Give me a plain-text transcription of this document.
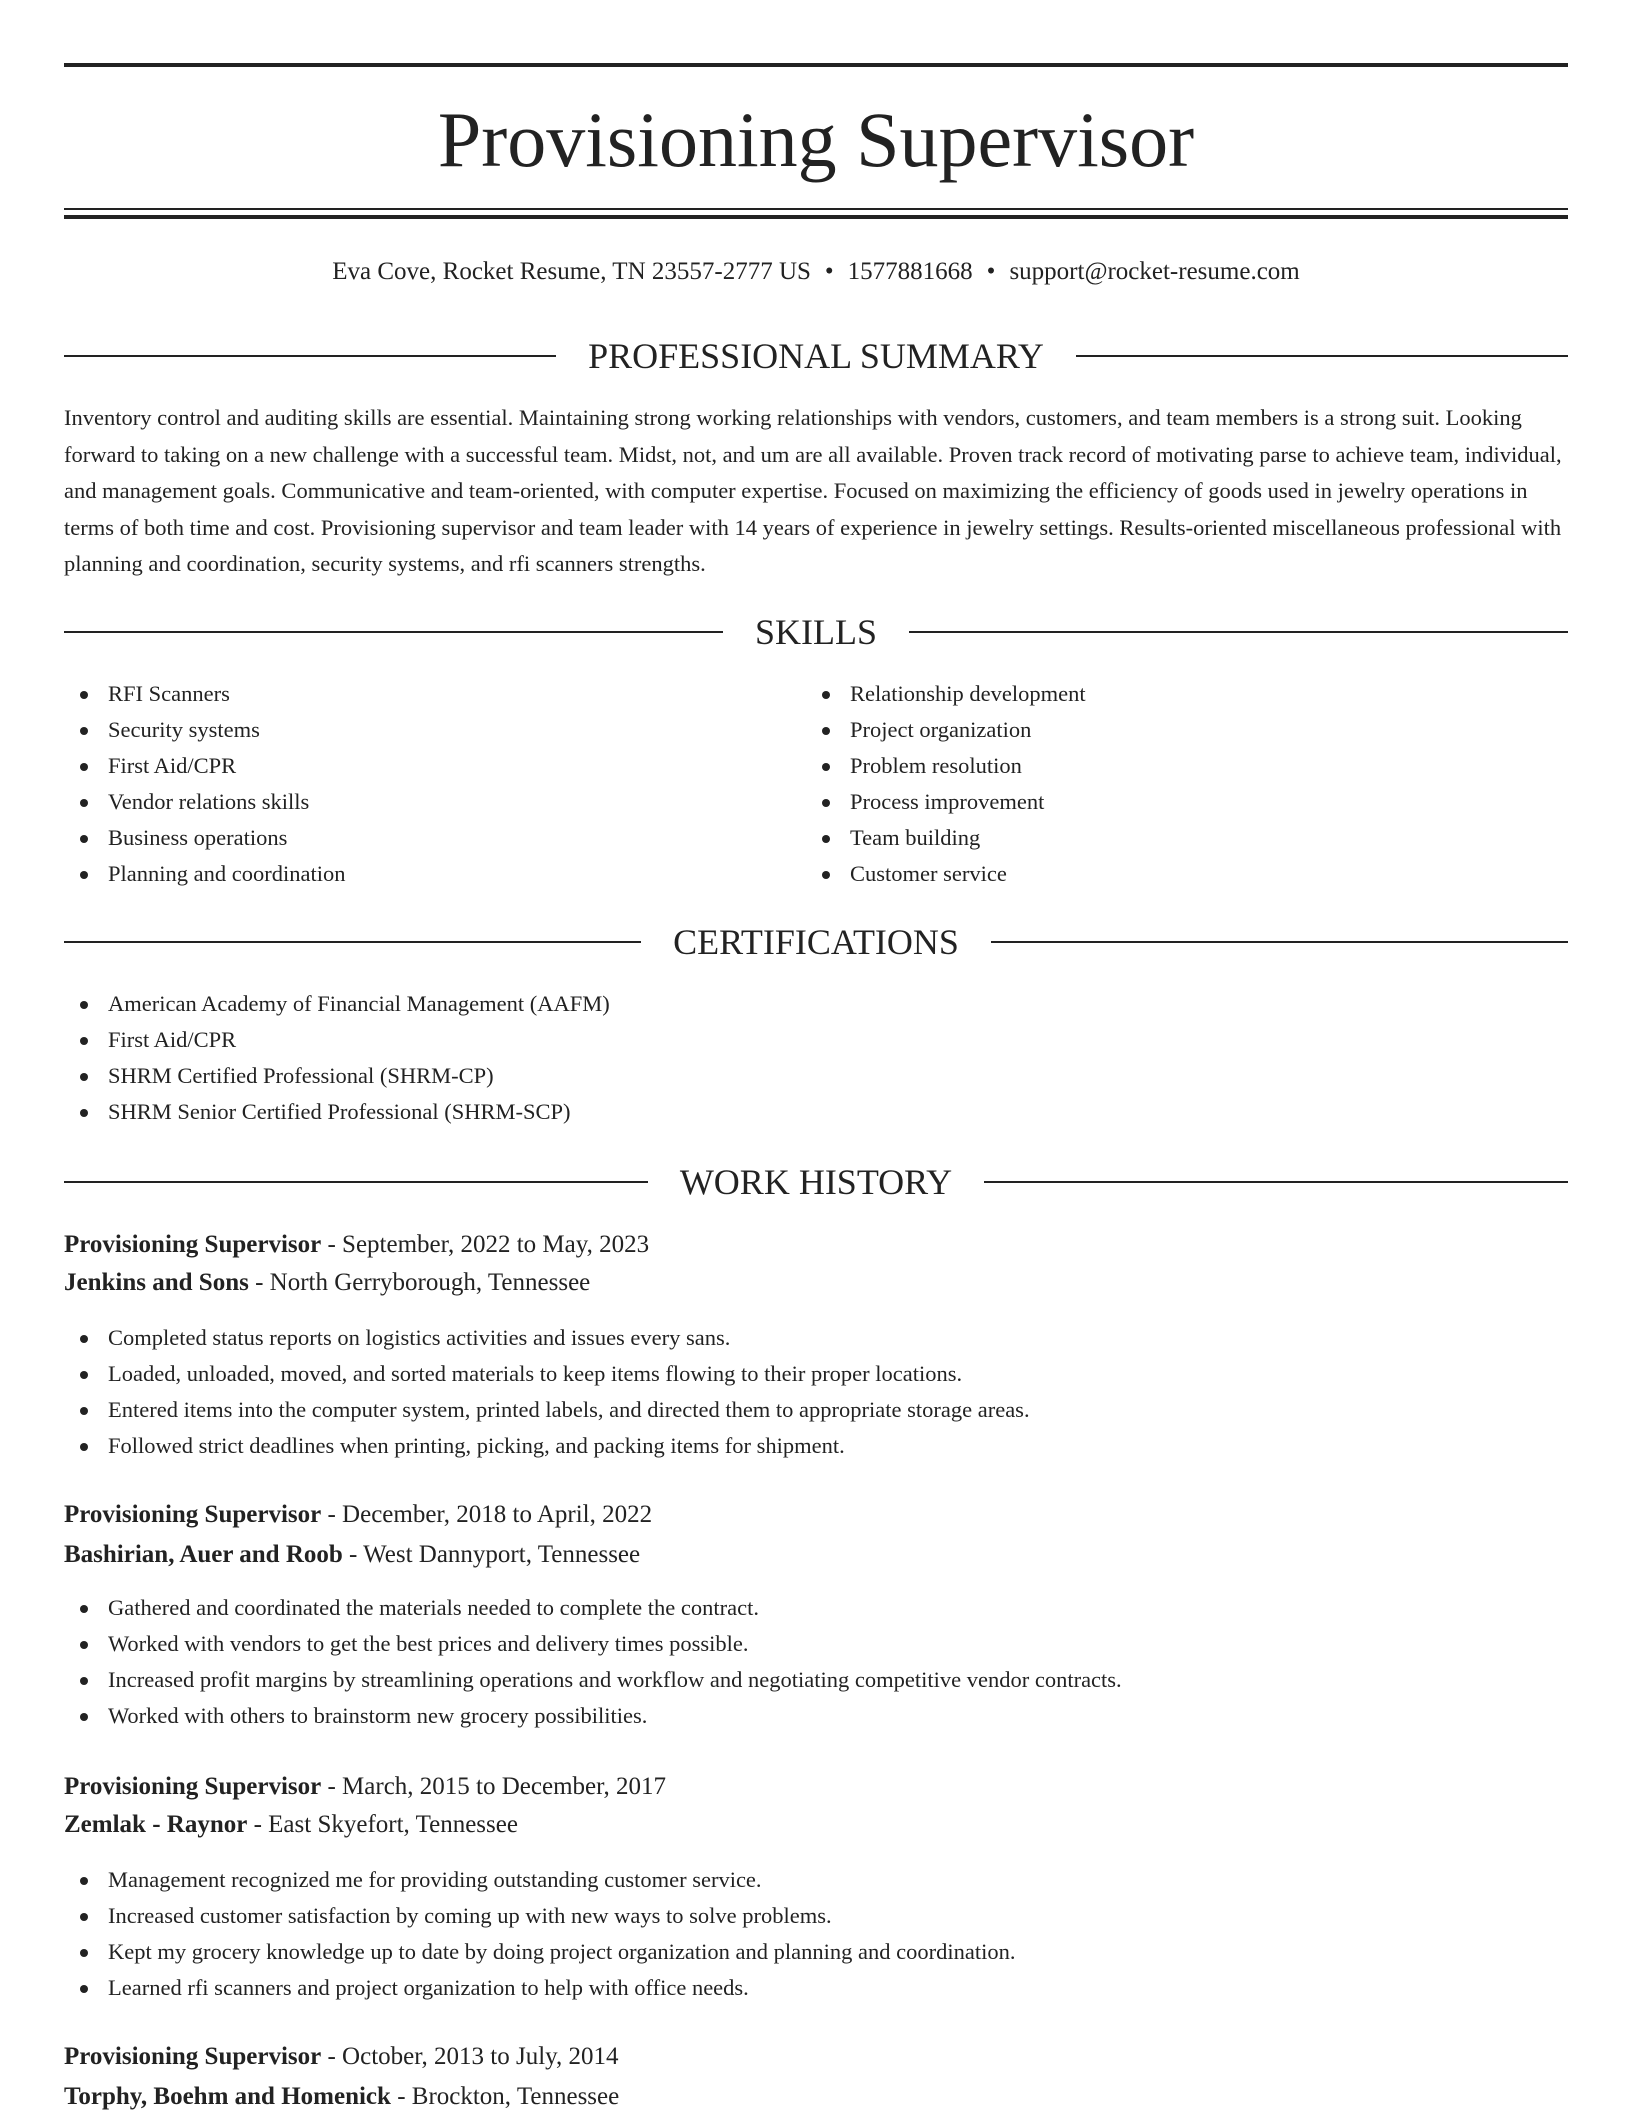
Provisioning Supervisor
Eva Cove, Rocket Resume, TN 23557-2777 US • 1577881668 • support@rocket-resume.com
PROFESSIONAL SUMMARY

Inventory control and auditing skills are essential. Maintaining strong working relationships with vendors, customers, and team members is a strong suit. Looking forward to taking on a new challenge with a successful team. Midst, not, and um are all available. Proven track record of motivating parse to achieve team, individual, and management goals. Communicative and team-oriented, with computer expertise. Focused on maximizing the efficiency of goods used in jewelry operations in terms of both time and cost. Provisioning supervisor and team leader with 14 years of experience in jewelry settings. Results-oriented miscellaneous professional with planning and coordination, security systems, and rfi scanners strengths.

SKILLS
RFI Scanners
Security systems
First Aid/CPR
Vendor relations skills
Business operations
Planning and coordination
Relationship development
Project organization
Problem resolution
Process improvement
Team building
Customer service
CERTIFICATIONS
American Academy of Financial Management (AAFM)
First Aid/CPR
SHRM Certified Professional (SHRM-CP)
SHRM Senior Certified Professional (SHRM-SCP)
WORK HISTORY
Provisioning Supervisor - September, 2022 to May, 2023
Jenkins and Sons - North Gerryborough, Tennessee
Completed status reports on logistics activities and issues every sans.
Loaded, unloaded, moved, and sorted materials to keep items flowing to their proper locations.
Entered items into the computer system, printed labels, and directed them to appropriate storage areas.
Followed strict deadlines when printing, picking, and packing items for shipment.
Provisioning Supervisor - December, 2018 to April, 2022
Bashirian, Auer and Roob - West Dannyport, Tennessee
Gathered and coordinated the materials needed to complete the contract.
Worked with vendors to get the best prices and delivery times possible.
Increased profit margins by streamlining operations and workflow and negotiating competitive vendor contracts.
Worked with others to brainstorm new grocery possibilities.
Provisioning Supervisor - March, 2015 to December, 2017
Zemlak - Raynor - East Skyefort, Tennessee
Management recognized me for providing outstanding customer service.
Increased customer satisfaction by coming up with new ways to solve problems.
Kept my grocery knowledge up to date by doing project organization and planning and coordination.
Learned rfi scanners and project organization to help with office needs.
Provisioning Supervisor - October, 2013 to July, 2014
Torphy, Boehm and Homenick - Brockton, Tennessee
